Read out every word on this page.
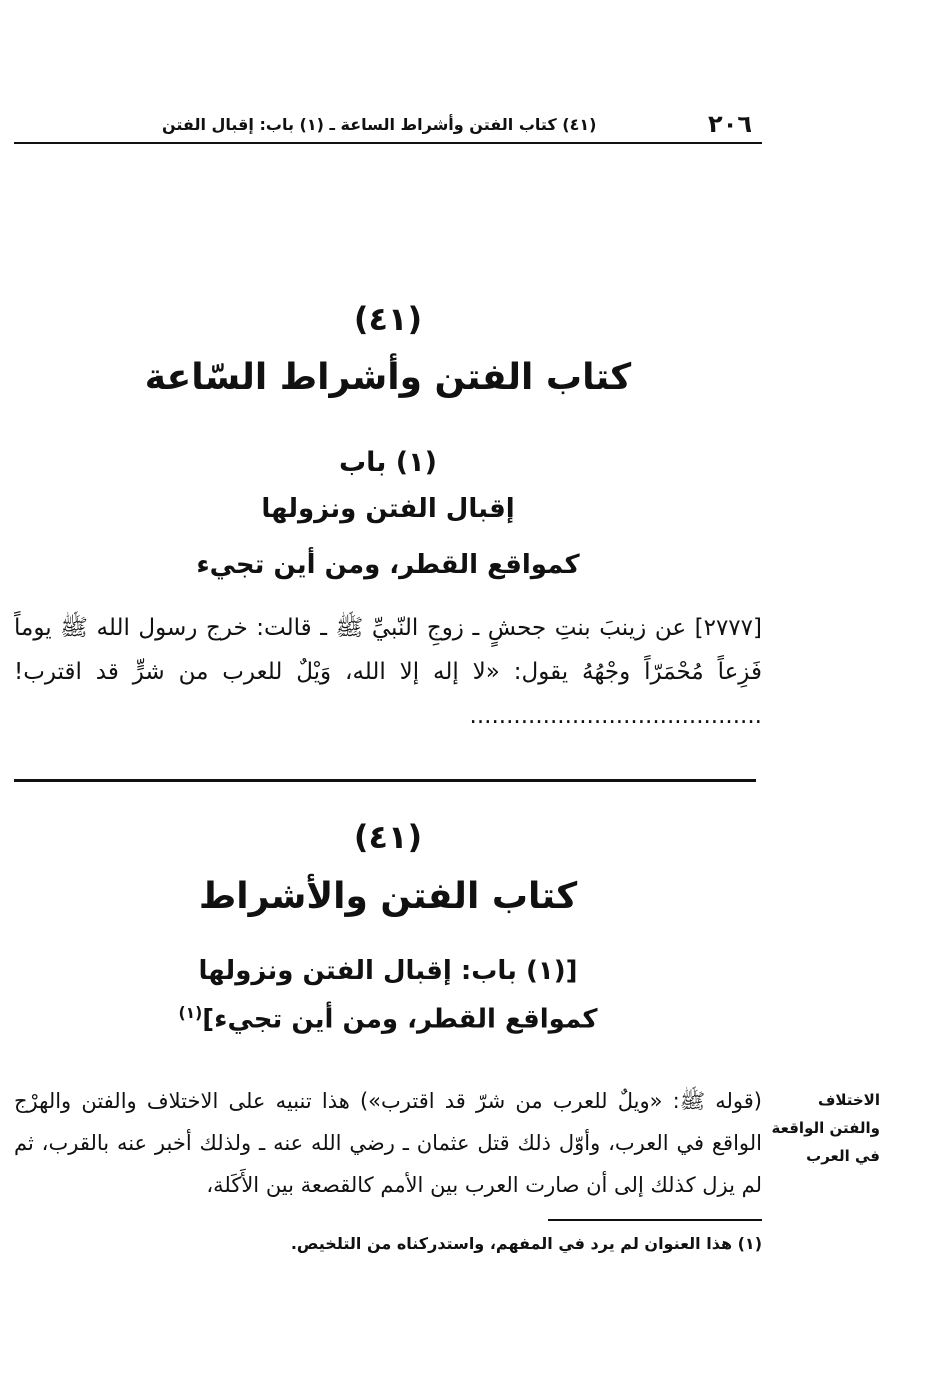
٢٠٦
(٤١) كتاب الفتن وأشراط الساعة ـ (١) باب: إقبال الفتن
(٤١)
كتاب الفتن وأشراط السّاعة
(١) باب
إقبال الفتن ونزولها
كمواقع القطر، ومن أين تجيء
[٢٧٧٧] عن زينبَ بنتِ جحشٍ ـ زوجِ النّبيِّ ﷺ ـ قالت: خرج رسول الله ﷺ يوماً فَزِعاً مُحْمَرّاً وجْهُهُ يقول: «لا إله إلا الله، وَيْلٌ للعرب من شرٍّ قد اقترب! ........................................
(٤١)
كتاب الفتن والأشراط
[(١) باب: إقبال الفتن ونزولها
كمواقع القطر، ومن أين تجيء]$^{(١)}$
(قوله ﷺ: «ويلٌ للعرب من شرّ قد اقترب») هذا تنبيه على الاختلاف والفتن والهرْج الواقع في العرب، وأوّل ذلك قتل عثمان ـ رضي الله عنه ـ ولذلك أخبر عنه بالقرب، ثم لم يزل كذلك إلى أن صارت العرب بين الأمم كالقصعة بين الأَكَلة،
الاختلاف
والفتن الواقعة
في العرب
(١) هذا العنوان لم يرد في المفهم، واستدركناه من التلخيص.
